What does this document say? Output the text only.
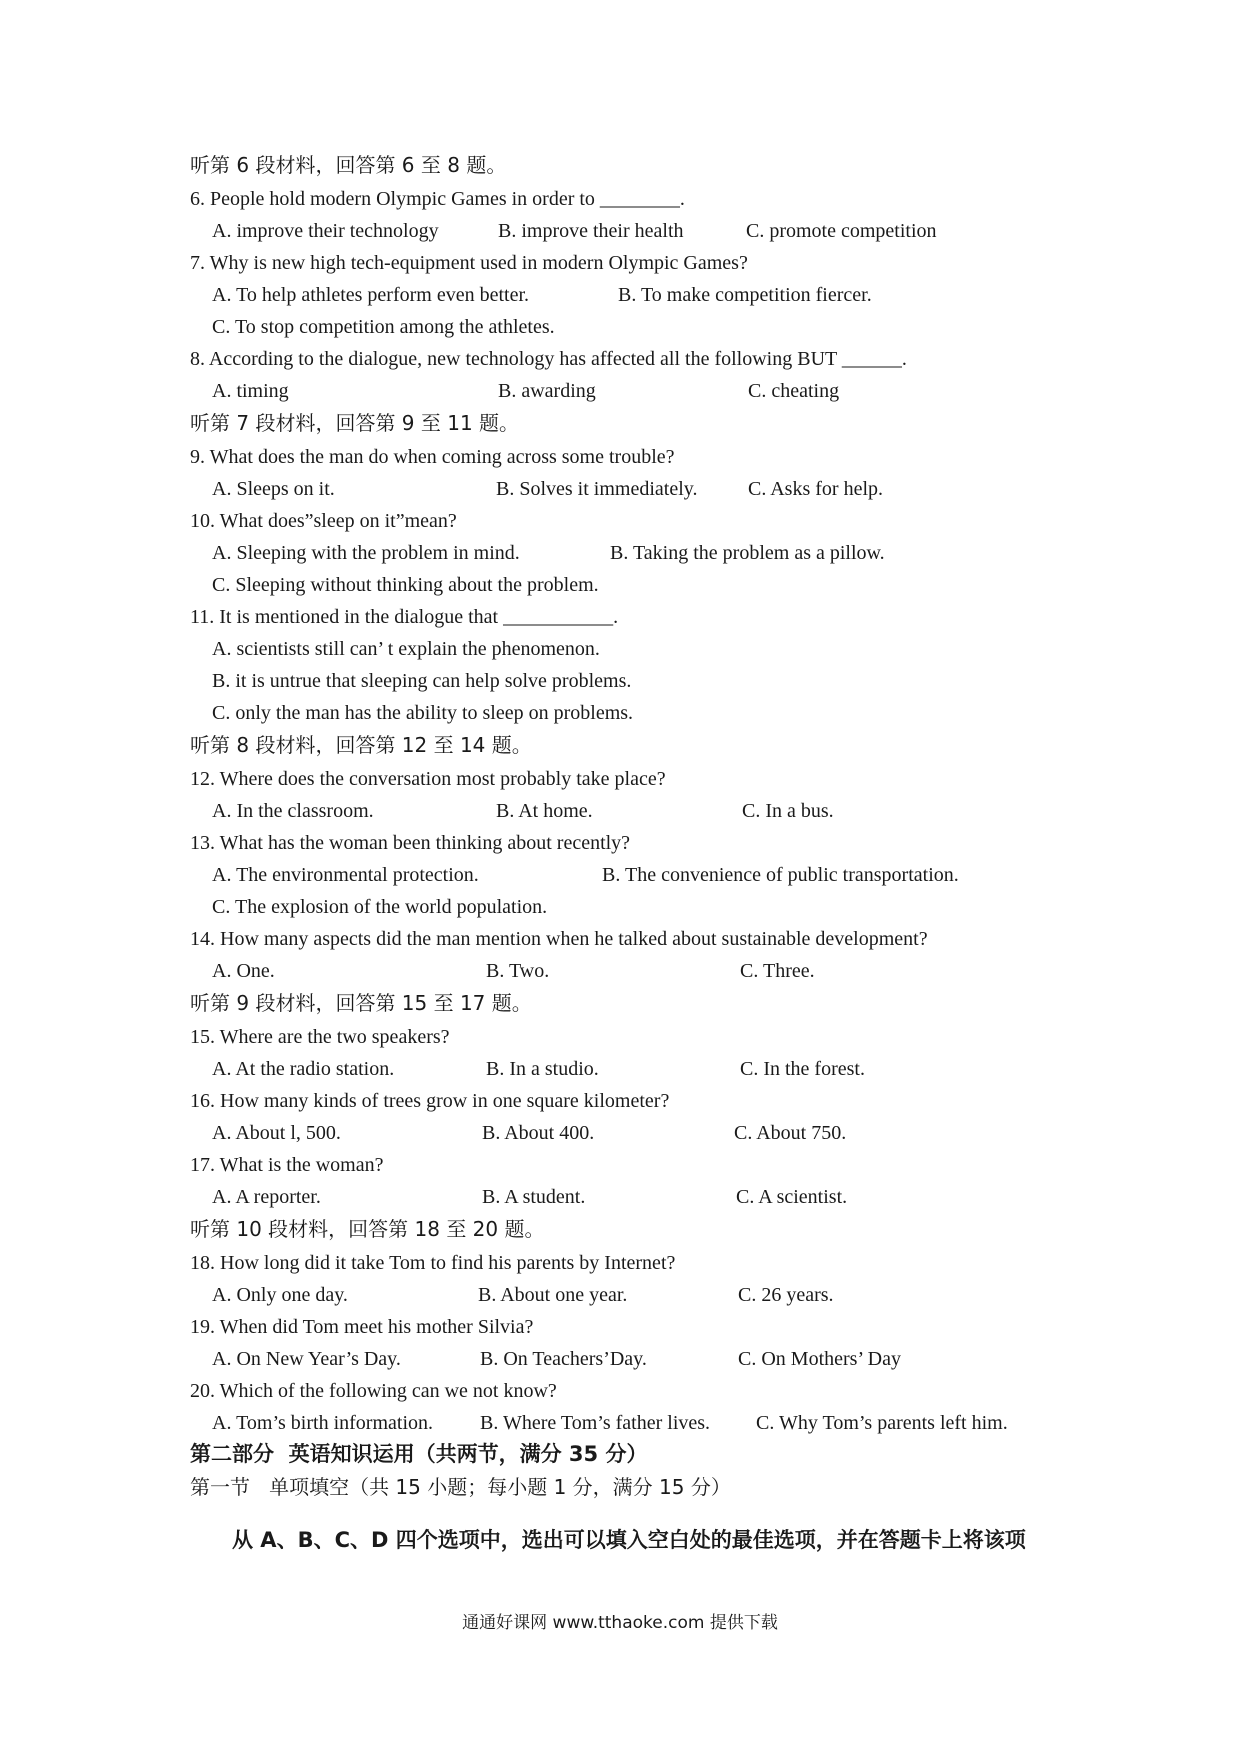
听第 6 段材料，回答第 6 至 8 题。
6. People hold modern Olympic Games in order to ________.
A. improve their technology	B. improve their health	C. promote competition
7. Why is new high tech-equipment used in modern Olympic Games?
A. To help athletes perform even better.	B. To make competition fiercer.
C. To stop competition among the athletes.
8. According to the dialogue, new technology has affected all the following BUT ______.
A. timing	B. awarding	C. cheating
听第 7 段材料，回答第 9 至 11 题。
9. What does the man do when coming across some trouble?
A. Sleeps on it.	B. Solves it immediately.	C. Asks for help.
10. What does”sleep on it”mean?
A. Sleeping with the problem in mind.	B. Taking the problem as a pillow.
C. Sleeping without thinking about the problem.
11. It is mentioned in the dialogue that ___________.
A. scientists still can’ t explain the phenomenon.
B. it is untrue that sleeping can help solve problems.
C. only the man has the ability to sleep on problems.
听第 8 段材料，回答第 12 至 14 题。
12. Where does the conversation most probably take place?
A. In the classroom.	B. At home.	C. In a bus.
13. What has the woman been thinking about recently?
A. The environmental protection.	B. The convenience of public transportation.
C. The explosion of the world population.
14. How many aspects did the man mention when he talked about sustainable development?
A. One.	B. Two.	C. Three.
听第 9 段材料，回答第 15 至 17 题。
15. Where are the two speakers?
A. At the radio station.	B. In a studio.	C. In the forest.
16. How many kinds of trees grow in one square kilometer?
A. About l, 500.	B. About 400.	C. About 750.
17. What is the woman?
A. A reporter.	B. A student.	C. A scientist.
听第 10 段材料，回答第 18 至 20 题。
18. How long did it take Tom to find his parents by Internet?
A. Only one day.	B. About one year.	C. 26 years.
19. When did Tom meet his mother Silvia?
A. On New Year’s Day.	B. On Teachers’Day.	C. On Mothers’ Day
20. Which of the following can we not know?
A. Tom’s birth information. B. Where Tom’s father lives. C. Why Tom’s parents left him.
第二部分  英语知识运用（共两节，满分 35 分）
第一节   单项填空（共 15 小题；每小题 1 分，满分 15 分）
从 A、B、C、D 四个选项中，选出可以填入空白处的最佳选项，并在答题卡上将该项
通通好课网 www.tthaoke.com 提供下载
